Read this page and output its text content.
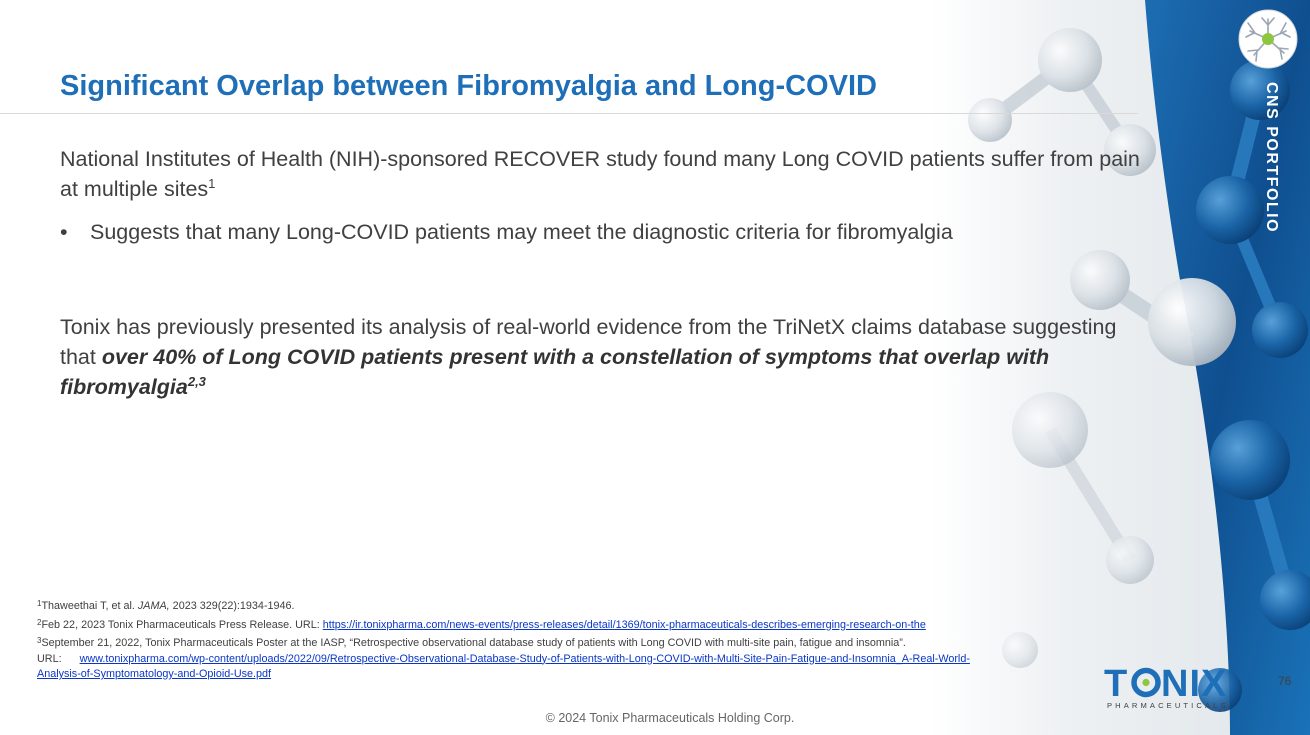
CNS PORTFOLIO
Significant Overlap between Fibromyalgia and Long-COVID

National Institutes of Health (NIH)-sponsored RECOVER study found many Long COVID patients suffer from pain at multiple sites$^1$

• Suggests that many Long-COVID patients may meet the diagnostic criteria for fibromyalgia

Tonix has previously presented its analysis of real-world evidence from the TriNetX claims database suggesting that over 40% of Long COVID patients present with a constellation of symptoms that overlap with fibromyalgia$^{2,3}$

$^1$Thaweethai T, et al. JAMA, 2023 329(22):1934-1946.
$^2$Feb 22, 2023 Tonix Pharmaceuticals Press Release. URL: https://ir.tonixpharma.com/news-events/press-releases/detail/1369/tonix-pharmaceuticals-describes-emerging-research-on-the
$^3$September 21, 2022, Tonix Pharmaceuticals Poster at the IASP, “Retrospective observational database study of patients with Long COVID with multi-site pain, fatigue and insomnia”.
URL: www.tonixpharma.com/wp-content/uploads/2022/09/Retrospective-Observational-Database-Study-of-Patients-with-Long-COVID-with-Multi-Site-Pain-Fatigue-and-Insomnia_A-Real-World-
Analysis-of-Symptomatology-and-Opioid-Use.pdf	T NIX
PHARMACEUTICALS
76
© 2024 Tonix Pharmaceuticals Holding Corp.
